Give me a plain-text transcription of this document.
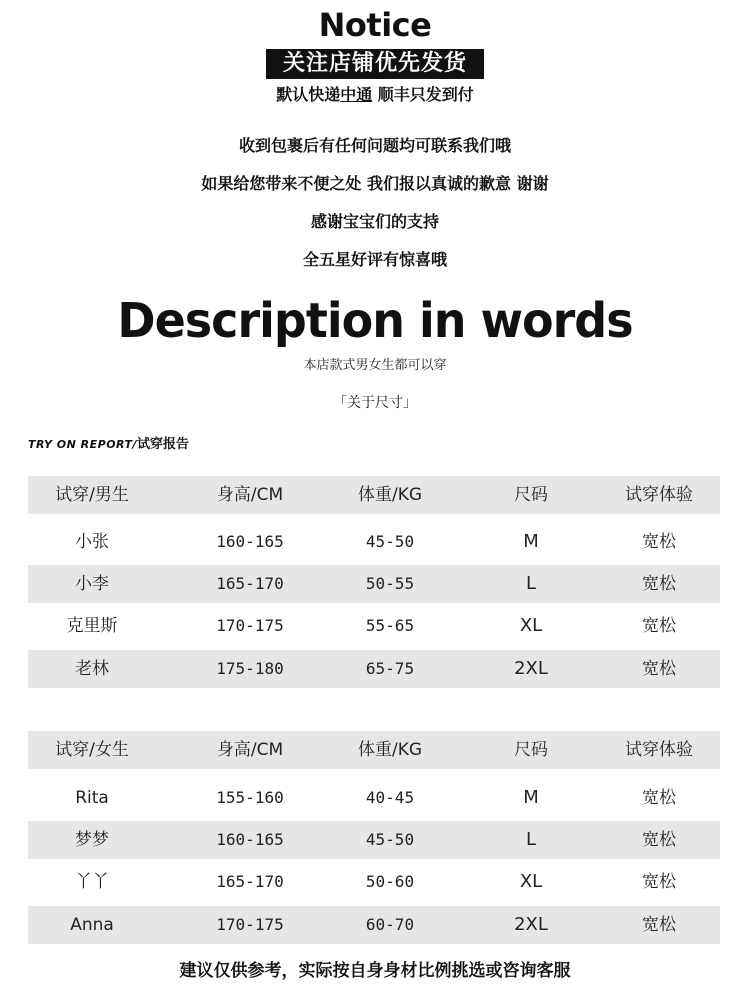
Notice
关注店铺优先发货
默认快递中通 顺丰只发到付
收到包裹后有任何问题均可联系我们哦
如果给您带来不便之处 我们报以真诚的歉意 谢谢
感谢宝宝们的支持
全五星好评有惊喜哦
Description in words
本店款式男女生都可以穿
「关于尺寸」
TRY ON REPORT/试穿报告
试穿/男生	身高/CM	体重/KG	尺码	试穿体验
小张	160-165	45-50	M	宽松
小李	165-170	50-55	L	宽松
克里斯	170-175	55-65	XL	宽松
老林	175-180	65-75	2XL	宽松
试穿/女生	身高/CM	体重/KG	尺码	试穿体验
Rita	155-160	40-45	M	宽松
梦梦	160-165	45-50	L	宽松
丫丫	165-170	50-60	XL	宽松
Anna	170-175	60-70	2XL	宽松
建议仅供参考，实际按自身身材比例挑选或咨询客服
